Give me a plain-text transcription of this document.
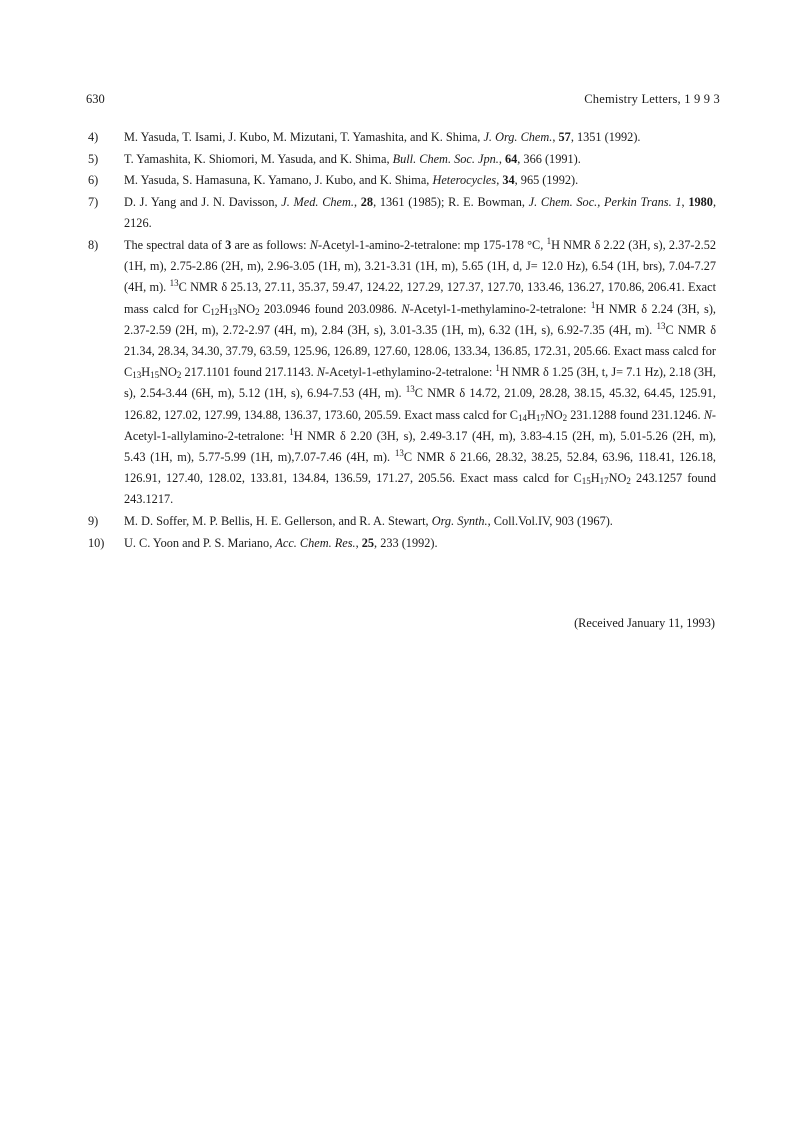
630	Chemistry Letters, 1 9 9 3
4) M. Yasuda, T. Isami, J. Kubo, M. Mizutani, T. Yamashita, and K. Shima, J. Org. Chem., 57, 1351 (1992).
5) T. Yamashita, K. Shiomori, M. Yasuda, and K. Shima, Bull. Chem. Soc. Jpn., 64, 366 (1991).
6) M. Yasuda, S. Hamasuna, K. Yamano, J. Kubo, and K. Shima, Heterocycles, 34, 965 (1992).
7) D. J. Yang and J. N. Davisson, J. Med. Chem., 28, 1361 (1985); R. E. Bowman, J. Chem. Soc., Perkin Trans. 1, 1980, 2126.
8) The spectral data of 3 are as follows: N-Acetyl-1-amino-2-tetralone: mp 175-178 °C, $^1$H NMR δ 2.22 (3H, s), 2.37-2.52 (1H, m), 2.75-2.86 (2H, m), 2.96-3.05 (1H, m), 3.21-3.31 (1H, m), 5.65 (1H, d, J= 12.0 Hz), 6.54 (1H, brs), 7.04-7.27 (4H, m). $^{13}$C NMR δ 25.13, 27.11, 35.37, 59.47, 124.22, 127.29, 127.37, 127.70, 133.46, 136.27, 170.86, 206.41. Exact mass calcd for $C_{12}H_{13}NO_2$ 203.0946 found 203.0986. N-Acetyl-1-methylamino-2-tetralone: $^1$H NMR δ 2.24 (3H, s), 2.37-2.59 (2H, m), 2.72-2.97 (4H, m), 2.84 (3H, s), 3.01-3.35 (1H, m), 6.32 (1H, s), 6.92-7.35 (4H, m). $^{13}$C NMR δ 21.34, 28.34, 34.30, 37.79, 63.59, 125.96, 126.89, 127.60, 128.06, 133.34, 136.85, 172.31, 205.66. Exact mass calcd for $C_{13}H_{15}NO_2$ 217.1101 found 217.1143. N-Acetyl-1-ethylamino-2-tetralone: $^1$H NMR δ 1.25 (3H, t, J= 7.1 Hz), 2.18 (3H, s), 2.54-3.44 (6H, m), 5.12 (1H, s), 6.94-7.53 (4H, m). $^{13}$C NMR δ 14.72, 21.09, 28.28, 38.15, 45.32, 64.45, 125.91, 126.82, 127.02, 127.99, 134.88, 136.37, 173.60, 205.59. Exact mass calcd for $C_{14}H_{17}NO_2$ 231.1288 found 231.1246. N-Acetyl-1-allylamino-2-tetralone: $^1$H NMR δ 2.20 (3H, s), 2.49-3.17 (4H, m), 3.83-4.15 (2H, m), 5.01-5.26 (2H, m), 5.43 (1H, m), 5.77-5.99 (1H, m),7.07-7.46 (4H, m). $^{13}$C NMR δ 21.66, 28.32, 38.25, 52.84, 63.96, 118.41, 126.18, 126.91, 127.40, 128.02, 133.81, 134.84, 136.59, 171.27, 205.56. Exact mass calcd for $C_{15}H_{17}NO_2$ 243.1257 found 243.1217.
9) M. D. Soffer, M. P. Bellis, H. E. Gellerson, and R. A. Stewart, Org. Synth., Coll.Vol.IV, 903 (1967).
10) U. C. Yoon and P. S. Mariano, Acc. Chem. Res., 25, 233 (1992).
(Received January 11, 1993)
